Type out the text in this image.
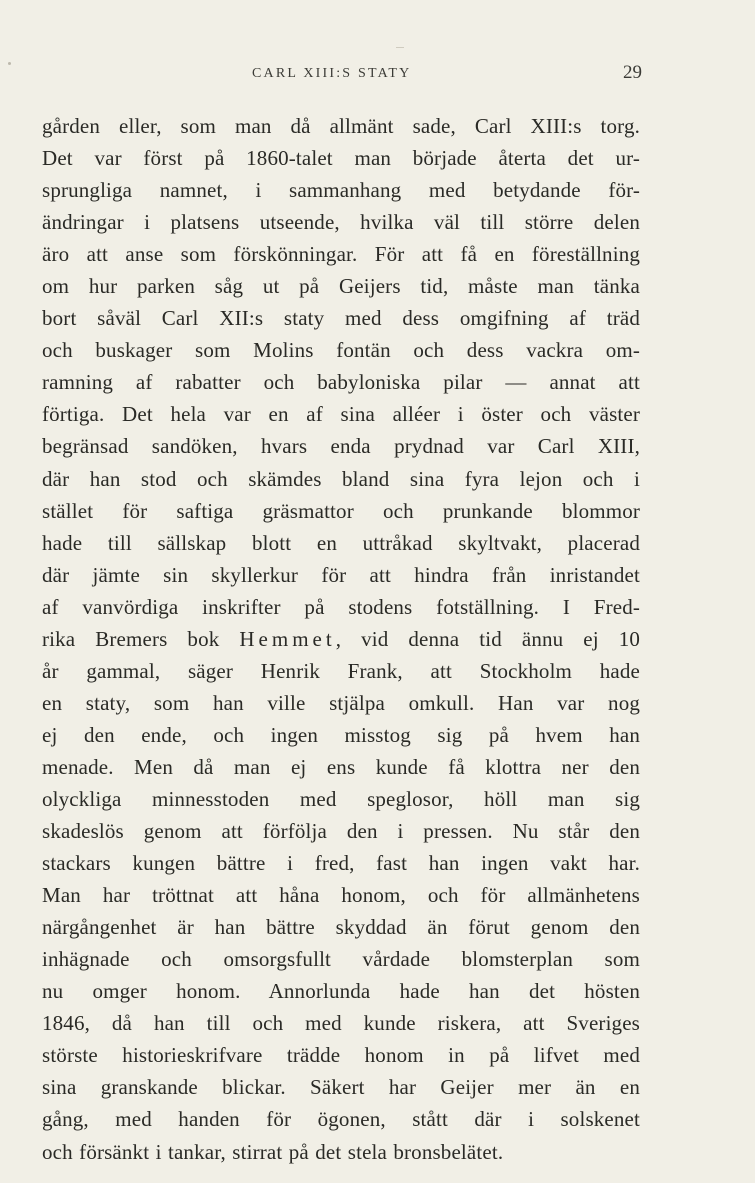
CARL XIII:S STATY	29
gården eller, som man då allmänt sade, Carl XIII:s torg.
Det var först på 1860-talet man började återta det ur-
sprungliga namnet, i sammanhang med betydande för-
ändringar i platsens utseende, hvilka väl till större delen
äro att anse som förskönningar. För att få en föreställning
om hur parken såg ut på Geijers tid, måste man tänka
bort såväl Carl XII:s staty med dess omgifning af träd
och buskager som Molins fontän och dess vackra om-
ramning af rabatter och babyloniska pilar — annat att
förtiga. Det hela var en af sina alléer i öster och väster
begränsad sandöken, hvars enda prydnad var Carl XIII,
där han stod och skämdes bland sina fyra lejon och i
stället för saftiga gräsmattor och prunkande blommor
hade till sällskap blott en uttråkad skyltvakt, placerad
där jämte sin skyllerkur för att hindra från inristandet
af vanvördiga inskrifter på stodens fotställning. I Fred-
rika Bremers bok Hemmet, vid denna tid ännu ej 10
år gammal, säger Henrik Frank, att Stockholm hade
en staty, som han ville stjälpa omkull. Han var nog
ej den ende, och ingen misstog sig på hvem han
menade. Men då man ej ens kunde få klottra ner den
olyckliga minnesstoden med speglosor, höll man sig
skadeslös genom att förfölja den i pressen. Nu står den
stackars kungen bättre i fred, fast han ingen vakt har.
Man har tröttnat att håna honom, och för allmänhetens
närgångenhet är han bättre skyddad än förut genom den
inhägnade och omsorgsfullt vårdade blomsterplan som
nu omger honom. Annorlunda hade han det hösten
1846, då han till och med kunde riskera, att Sveriges
störste historieskrifvare trädde honom in på lifvet med
sina granskande blickar. Säkert har Geijer mer än en
gång, med handen för ögonen, stått där i solskenet
och försänkt i tankar, stirrat på det stela bronsbelätet.
